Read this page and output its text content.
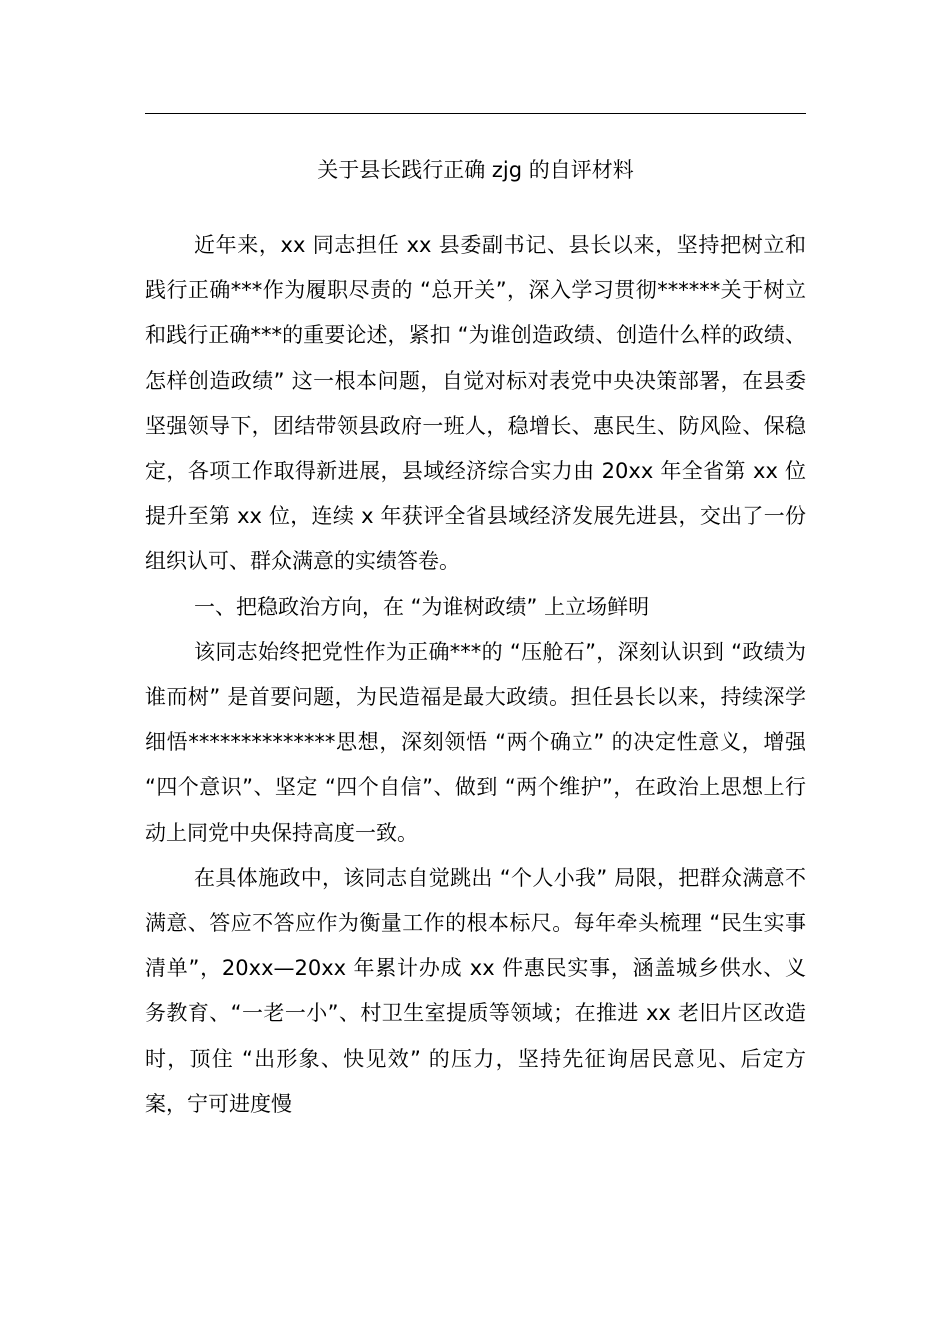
关于县长践行正确 zjg 的自评材料

近年来，xx 同志担任 xx 县委副书记、县长以来，坚持把树立和践行正确***作为履职尽责的 “总开关”，深入学习贯彻******关于树立和践行正确***的重要论述，紧扣 “为谁创造政绩、创造什么样的政绩、怎样创造政绩” 这一根本问题，自觉对标对表党中央决策部署，在县委坚强领导下，团结带领县政府一班人，稳增长、惠民生、防风险、保稳定，各项工作取得新进展，县域经济综合实力由 20xx 年全省第 xx 位提升至第 xx 位，连续 x 年获评全省县域经济发展先进县，交出了一份组织认可、群众满意的实绩答卷。

一、把稳政治方向，在 “为谁树政绩” 上立场鲜明

该同志始终把党性作为正确***的 “压舱石”，深刻认识到 “政绩为谁而树” 是首要问题，为民造福是最大政绩。担任县长以来，持续深学细悟**************思想，深刻领悟 “两个确立” 的决定性意义，增强 “四个意识”、坚定 “四个自信”、做到 “两个维护”，在政治上思想上行动上同党中央保持高度一致。

在具体施政中，该同志自觉跳出 “个人小我” 局限，把群众满意不满意、答应不答应作为衡量工作的根本标尺。每年牵头梳理 “民生实事清单”，20xx—20xx 年累计办成 xx 件惠民实事，涵盖城乡供水、义务教育、“一老一小”、村卫生室提质等领域；在推进 xx 老旧片区改造时，顶住 “出形象、快见效” 的压力，坚持先征询居民意见、后定方案，宁可进度慢
